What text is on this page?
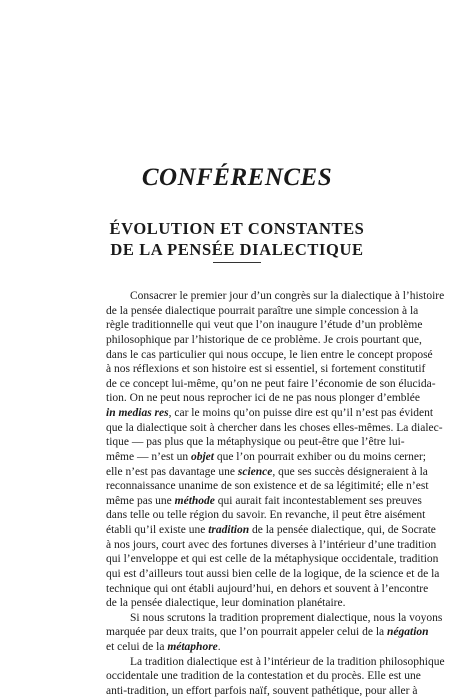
CONFÉRENCES
ÉVOLUTION ET CONSTANTES
DE LA PENSÉE DIALECTIQUE
Consacrer le premier jour d’un congrès sur la dialectique à l’histoire
de la pensée dialectique pourrait paraître une simple concession à la
règle traditionnelle qui veut que l’on inaugure l’étude d’un problème
philosophique par l’historique de ce problème. Je crois pourtant que,
dans le cas particulier qui nous occupe, le lien entre le concept proposé
à nos réflexions et son histoire est si essentiel, si fortement constitutif
de ce concept lui-même, qu’on ne peut faire l’économie de son élucida-
tion. On ne peut nous reprocher ici de ne pas nous plonger d’emblée
in medias res, car le moins qu’on puisse dire est qu’il n’est pas évident
que la dialectique soit à chercher dans les choses elles-mêmes. La dialec-
tique — pas plus que la métaphysique ou peut-être que l’être lui-
même — n’est un objet que l’on pourrait exhiber ou du moins cerner;
elle n’est pas davantage une science, que ses succès désigneraient à la
reconnaissance unanime de son existence et de sa légitimité; elle n’est
même pas une méthode qui aurait fait incontestablement ses preuves
dans telle ou telle région du savoir. En revanche, il peut être aisément
établi qu’il existe une tradition de la pensée dialectique, qui, de Socrate
à nos jours, court avec des fortunes diverses à l’intérieur d’une tradition
qui l’enveloppe et qui est celle de la métaphysique occidentale, tradition
qui est d’ailleurs tout aussi bien celle de la logique, de la science et de la
technique qui ont établi aujourd’hui, en dehors et souvent à l’encontre
de la pensée dialectique, leur domination planétaire.
Si nous scrutons la tradition proprement dialectique, nous la voyons
marquée par deux traits, que l’on pourrait appeler celui de la négation
et celui de la métaphore.
La tradition dialectique est à l’intérieur de la tradition philosophique
occidentale une tradition de la contestation et du procès. Elle est une
anti-tradition, un effort parfois naïf, souvent pathétique, pour aller à
